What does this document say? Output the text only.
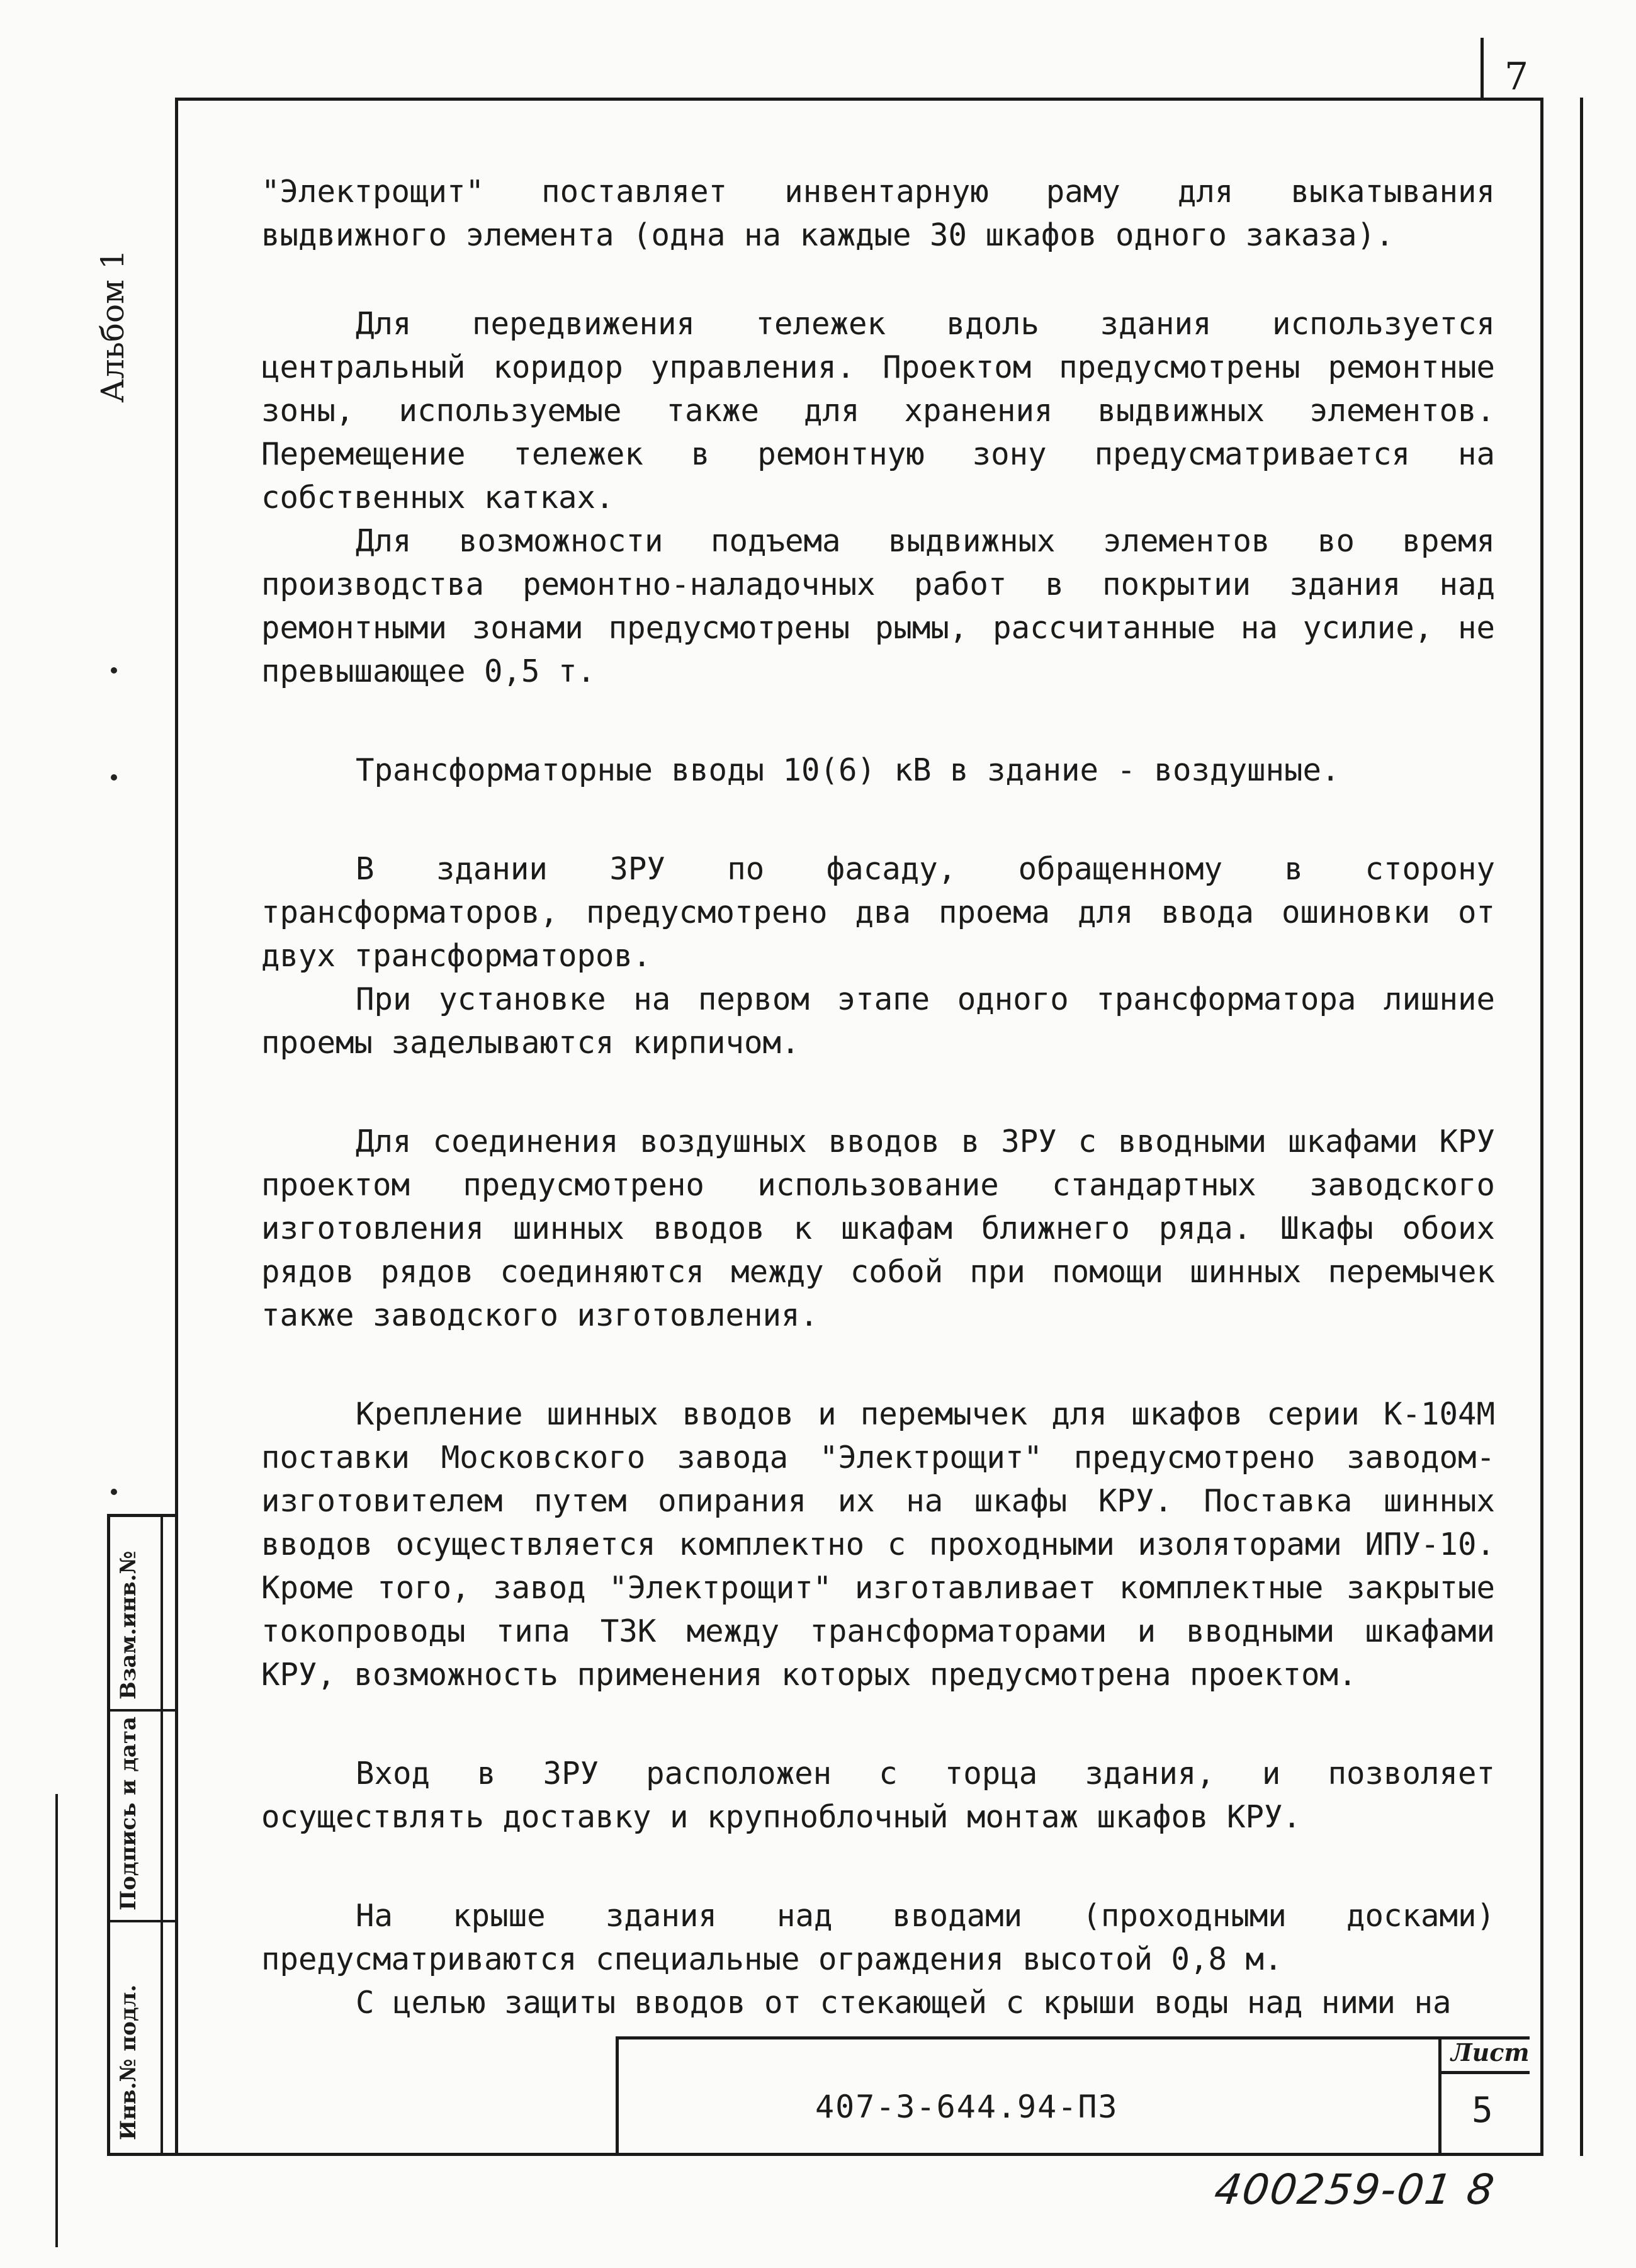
7
Альбом 1
Взам.инв.№
Подпись и дата
Инв.№ подл.

"Электрощит" поставляет инвентарную раму для выкатывания выдвижного элемента (одна на каждые 30 шкафов одного заказа).

Для передвижения тележек вдоль здания используется центральный коридор управления. Проектом предусмотрены ремонтные зоны, используемые также для хранения выдвижных элементов. Перемещение тележек в ремонтную зону предусматривается на собственных катках.

Для возможности подъема выдвижных элементов во время производства ремонтно-наладочных работ в покрытии здания над ремонтными зонами предусмотрены рымы, рассчитанные на усилие, не превышающее 0,5 т.

Трансформаторные вводы 10(6) кВ в здание - воздушные.

В здании ЗРУ по фасаду, обращенному в сторону трансформаторов, предусмотрено два проема для ввода ошиновки от двух трансформаторов.

При установке на первом этапе одного трансформатора лишние проемы заделываются кирпичом.

Для соединения воздушных вводов в ЗРУ с вводными шкафами КРУ проектом предусмотрено использование стандартных заводского изготовления шинных вводов к шкафам ближнего ряда. Шкафы обоих рядов рядов соединяются между собой при помощи шинных перемычек также заводского изготовления.

Крепление шинных вводов и перемычек для шкафов серии К-104М поставки Московского завода "Электрощит" предусмотрено заводом-изготовителем путем опирания их на шкафы КРУ. Поставка шинных вводов осуществляется комплектно с проходными изоляторами ИПУ-10. Кроме того, завод "Электрощит" изготавливает комплектные закрытые токопроводы типа ТЗК между трансформаторами и вводными шкафами КРУ, возможность применения которых предусмотрена проектом.

Вход в ЗРУ расположен с торца здания, и позволяет осуществлять доставку и крупноблочный монтаж шкафов КРУ.

На крыше здания над вводами (проходными досками) предусматриваются специальные ограждения высотой 0,8 м.

С целью защиты вводов от стекающей с крыши воды над ними на

407-3-644.94-ПЗ
Лист
5
400259-01 8
